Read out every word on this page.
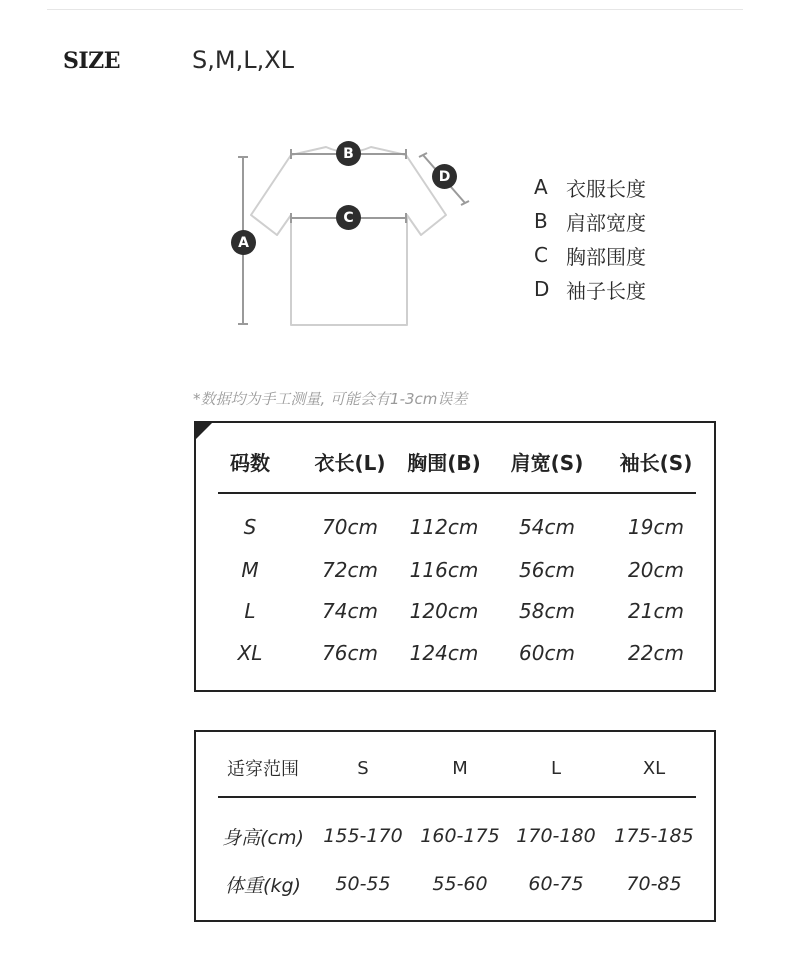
SIZE	S,M,L,XL
A
B
C
D	A 衣服长度
B 肩部宽度
C 胸部围度
D 袖子长度
*数据均为手工测量, 可能会有1-3cm误差
码数	衣长(L)	胸围(B)	肩宽(S)	袖长(S)
S	70cm	112cm	54cm	19cm
M	72cm	116cm	56cm	20cm
L	74cm	120cm	58cm	21cm
XL	76cm	124cm	60cm	22cm
适穿范围	S	M	L	XL
身高(cm)	155-170 160-175 170-180 175-185
体重(kg)	50-55	55-60	60-75	70-85
